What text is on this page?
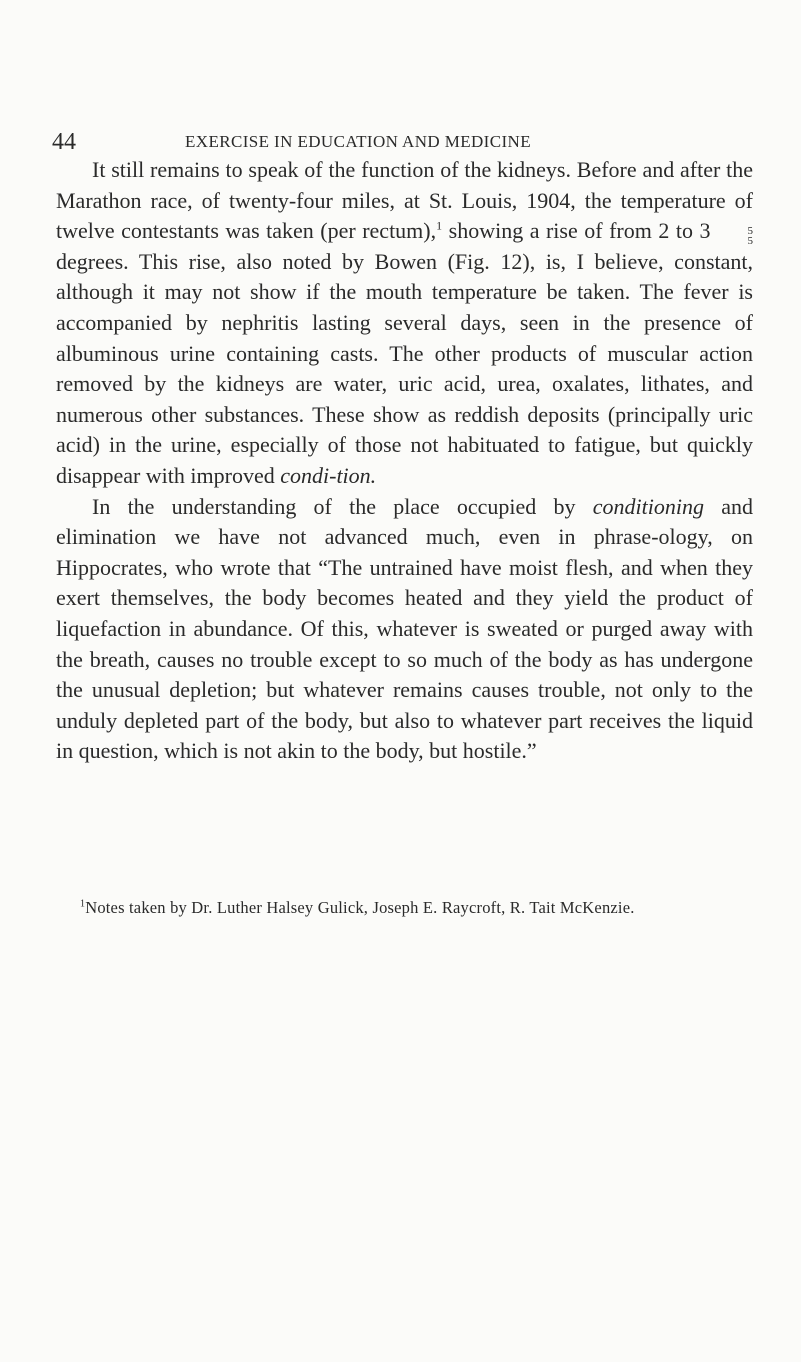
44	EXERCISE IN EDUCATION AND MEDICINE

It still remains to speak of the function of the kidneys. Before and after the Marathon race, of twenty-four miles, at St. Louis, 1904, the temperature of twelve contestants was taken (per rectum),$^1$ showing a rise of from 2 to 3	5
5
degrees. This rise, also noted by Bowen (Fig. 12), is, I believe, constant, although it may not show if the mouth temperature be taken. The fever is accompanied by nephritis lasting several days, seen in the presence of albuminous urine containing casts. The other products of muscular action removed by the kidneys are water, uric acid, urea, oxalates, lithates, and numerous other substances. These show as reddish deposits (principally uric acid) in the urine, especially of those not habituated to fatigue, but quickly disappear with improved condi-tion.

In the understanding of the place occupied by conditioning and elimination we have not advanced much, even in phrase-ology, on Hippocrates, who wrote that “The untrained have moist flesh, and when they exert themselves, the body becomes heated and they yield the product of liquefaction in abundance. Of this, whatever is sweated or purged away with the breath, causes no trouble except to so much of the body as has undergone the unusual depletion; but whatever remains causes trouble, not only to the unduly depleted part of the body, but also to whatever part receives the liquid in question, which is not akin to the body, but hostile.”

$^1$Notes taken by Dr. Luther Halsey Gulick, Joseph E. Raycroft, R. Tait McKenzie.
